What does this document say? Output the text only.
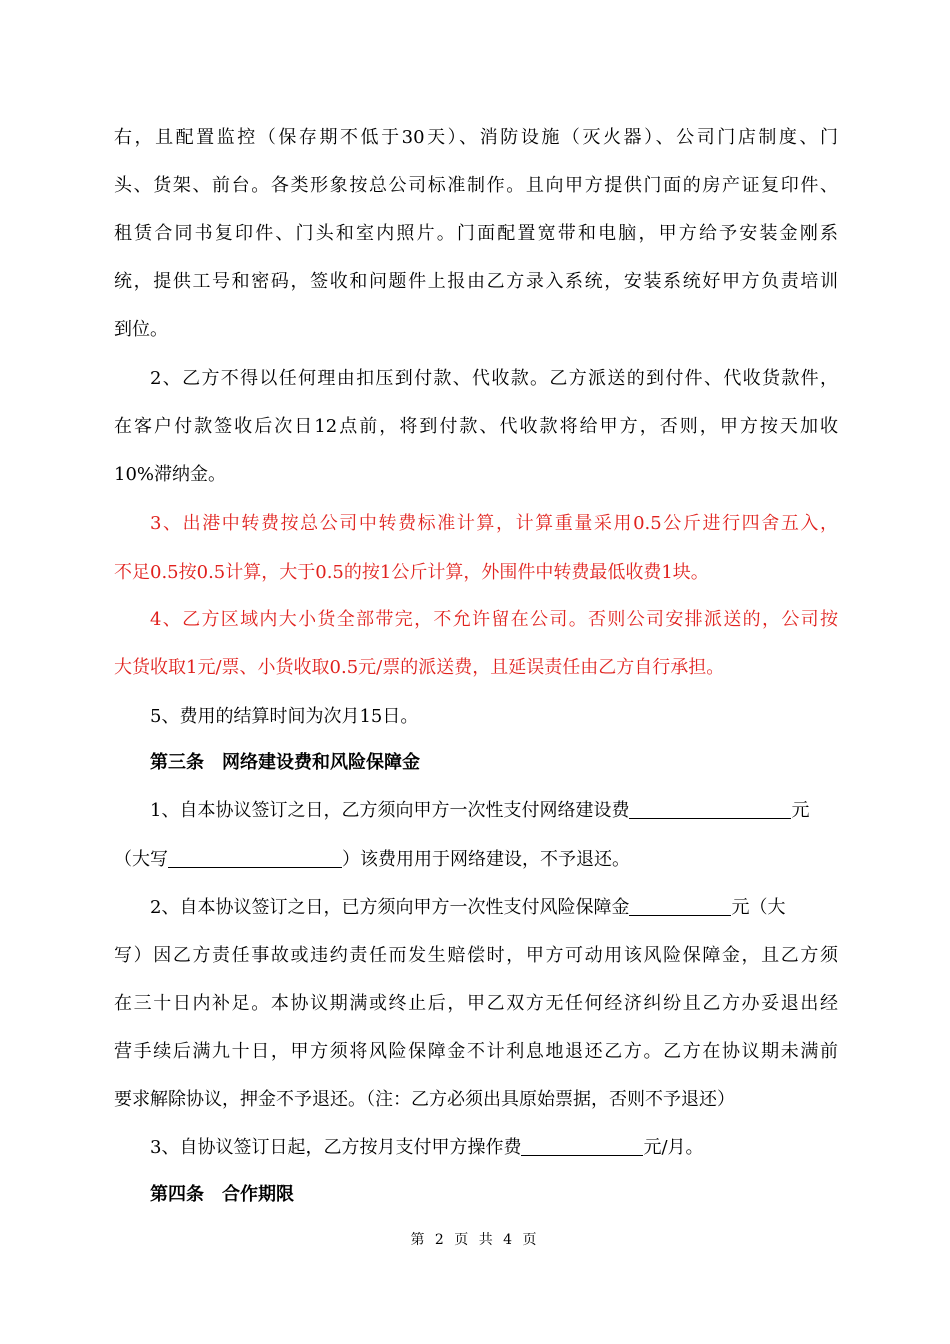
右，且配置监控（保存期不低于30天）、消防设施（灭火器）、公司门店制度、门
头、货架、前台。各类形象按总公司标准制作。且向甲方提供门面的房产证复印件、
租赁合同书复印件、门头和室内照片。门面配置宽带和电脑，甲方给予安装金刚系
统，提供工号和密码，签收和问题件上报由乙方录入系统，安装系统好甲方负责培训
到位。
2、乙方不得以任何理由扣压到付款、代收款。乙方派送的到付件、代收货款件，
在客户付款签收后次日12点前，将到付款、代收款将给甲方，否则，甲方按天加收
10%滞纳金。
3、出港中转费按总公司中转费标准计算，计算重量采用0.5公斤进行四舍五入，
不足0.5按0.5计算，大于0.5的按1公斤计算，外围件中转费最低收费1块。
4、乙方区域内大小货全部带完，不允许留在公司。否则公司安排派送的，公司按
大货收取1元/票、小货收取0.5元/票的派送费，且延误责任由乙方自行承担。
5、费用的结算时间为次月15日。
第三条　网络建设费和风险保障金
1、自本协议签订之日，乙方须向甲方一次性支付网络建设费	元
（大写	）该费用用于网络建设，不予退还。
2、自本协议签订之日，已方须向甲方一次性支付风险保障金	元（大
写）因乙方责任事故或违约责任而发生赔偿时，甲方可动用该风险保障金，且乙方须
在三十日内补足。本协议期满或终止后，甲乙双方无任何经济纠纷且乙方办妥退出经
营手续后满九十日，甲方须将风险保障金不计利息地退还乙方。乙方在协议期未满前
要求解除协议，押金不予退还。（注：乙方必须出具原始票据，否则不予退还）
3、自协议签订日起，乙方按月支付甲方操作费	元/月。
第四条　合作期限
第 2 页 共 4 页
